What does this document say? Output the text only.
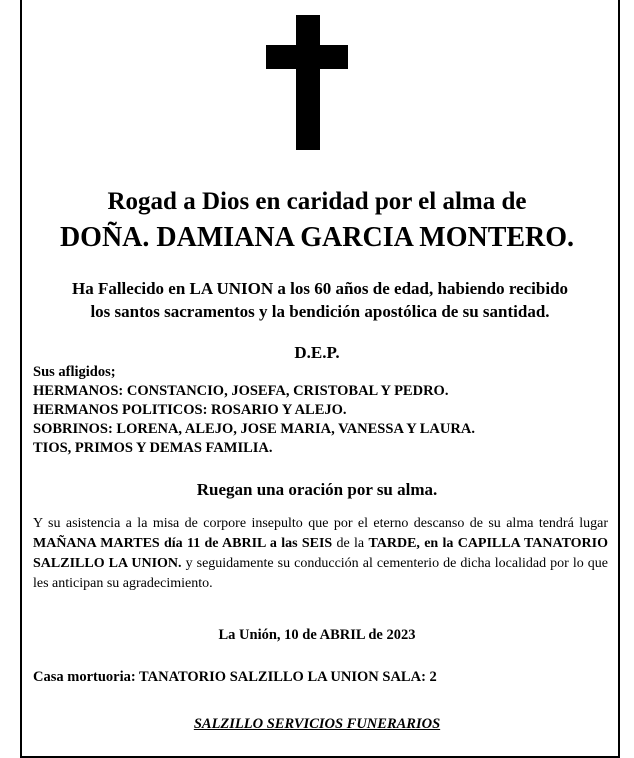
Rogad a Dios en caridad por el alma de
DOÑA. DAMIANA GARCIA MONTERO.
Ha Fallecido en LA UNION a los 60 años de edad, habiendo recibido
los santos sacramentos y la bendición apostólica de su santidad.
D.E.P.
Sus afligidos;
HERMANOS: CONSTANCIO, JOSEFA, CRISTOBAL Y PEDRO.
HERMANOS POLITICOS: ROSARIO Y ALEJO.
SOBRINOS: LORENA, ALEJO, JOSE MARIA, VANESSA Y LAURA.
TIOS, PRIMOS Y DEMAS FAMILIA.
Ruegan una oración por su alma.
Y su asistencia a la misa de corpore insepulto que por el eterno descanso de su alma tendrá lugar MAÑANA MARTES día 11 de ABRIL a las SEIS de la TARDE, en la CAPILLA TANATORIO SALZILLO LA UNION. y seguidamente su conducción al cementerio de dicha localidad por lo que les anticipan su agradecimiento.
La Unión, 10 de ABRIL de 2023
Casa mortuoria: TANATORIO SALZILLO LA UNION SALA: 2
SALZILLO SERVICIOS FUNERARIOS
